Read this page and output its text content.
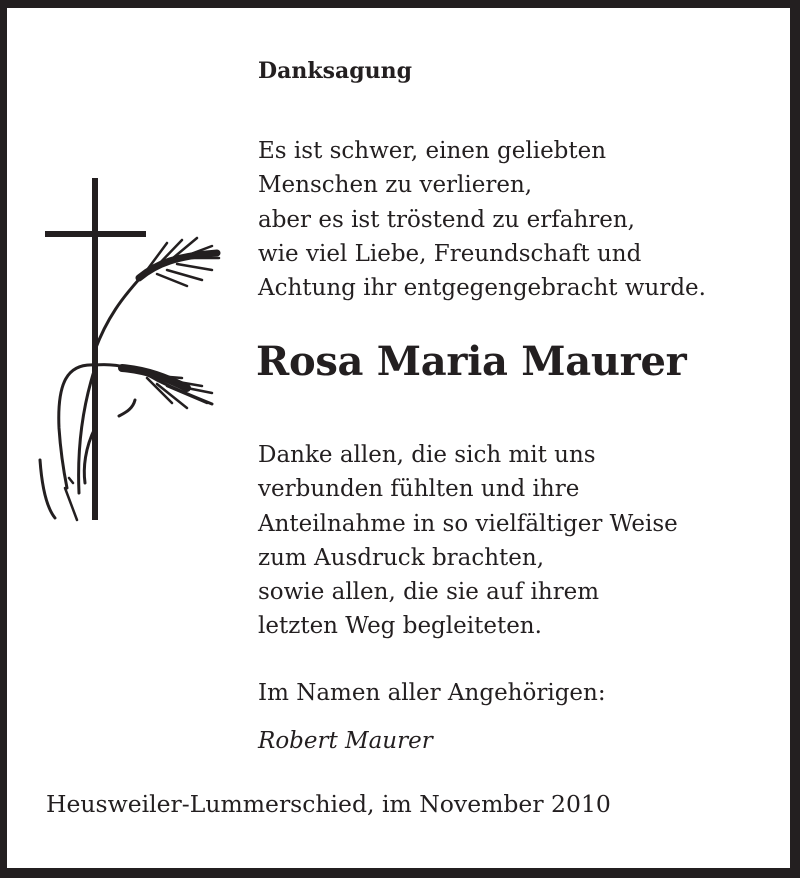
Danksagung
Es ist schwer, einen geliebten
Menschen zu verlieren,
aber es ist tröstend zu erfahren,
wie viel Liebe, Freundschaft und
Achtung ihr entgegengebracht wurde.
Rosa Maria Maurer
Danke allen, die sich mit uns
verbunden fühlten und ihre
Anteilnahme in so vielfältiger Weise
zum Ausdruck brachten,
sowie allen, die sie auf ihrem
letzten Weg begleiteten.
Im Namen aller Angehörigen:
Robert Maurer
Heusweiler-Lummerschied, im November 2010
